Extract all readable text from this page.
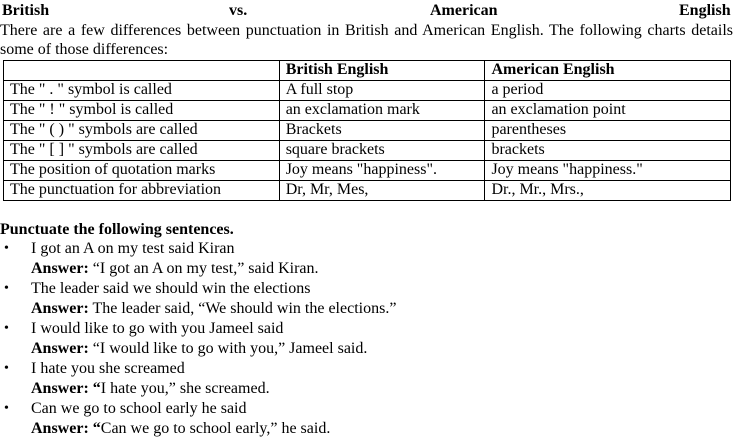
British	vs.	American	English
There are a few differences between punctuation in British and American English. The following charts details some of those differences:
	British English	American English
The " . " symbol is called	A full stop	a period
The " ! " symbol is called	an exclamation mark	an exclamation point
The " ( ) " symbols are called	Brackets	parentheses
The " [ ] " symbols are called	square brackets	brackets
The position of quotation marks	Joy means "happiness".	Joy means "happiness."
The punctuation for abbreviation	Dr, Mr, Mes,	Dr., Mr., Mrs.,
Punctuate the following sentences.
• I got an A on my test said Kiran
Answer: “I got an A on my test,” said Kiran.
• The leader said we should win the elections
Answer: The leader said, “We should win the elections.”
• I would like to go with you Jameel said
Answer: “I would like to go with you,” Jameel said.
• I hate you she screamed
Answer: “I hate you,” she screamed.
• Can we go to school early he said
Answer: “Can we go to school early,” he said.
